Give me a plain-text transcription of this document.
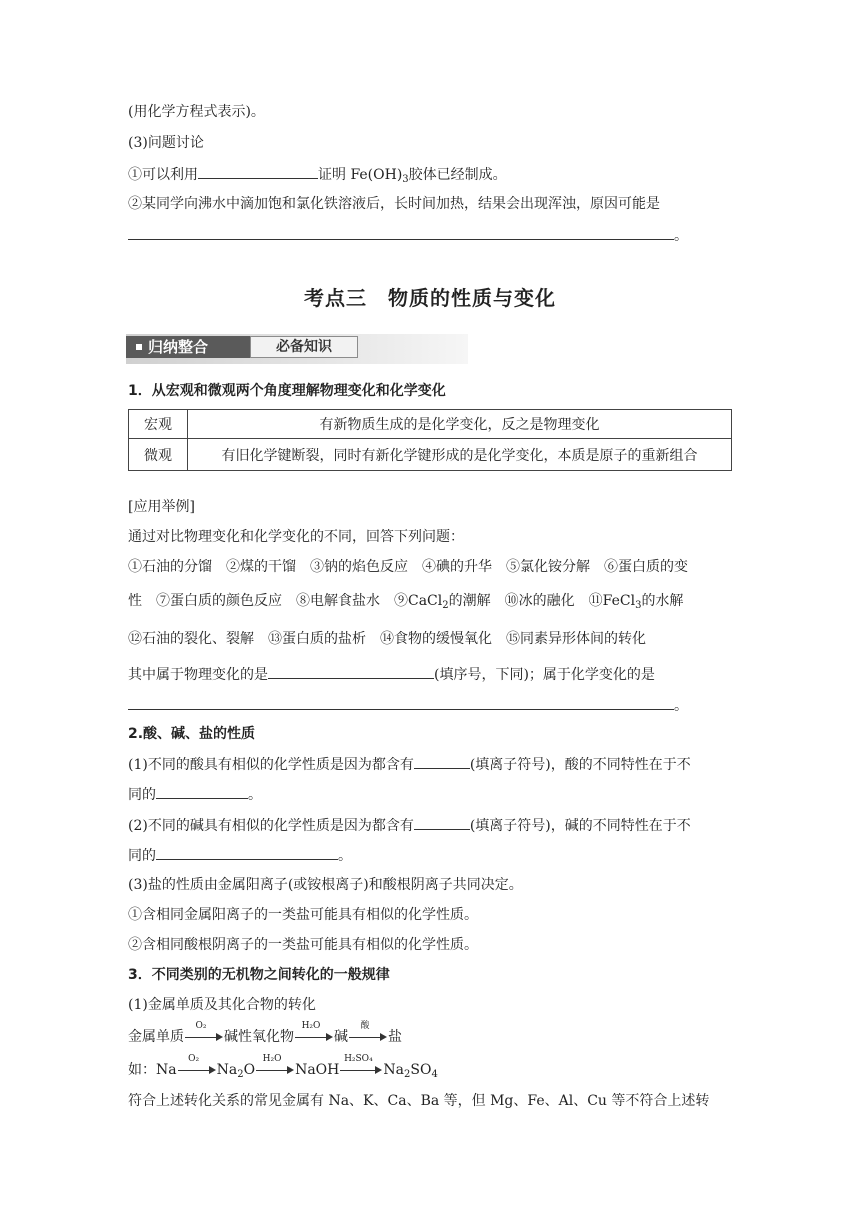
(用化学方程式表示)。
(3)问题讨论
①可以利用	证明 $Fe(OH)_3$胶体已经制成。
②某同学向沸水中滴加饱和氯化铁溶液后，长时间加热，结果会出现浑浊，原因可能是
。
考点三　物质的性质与变化
归纳整合	必备知识
1．从宏观和微观两个角度理解物理变化和化学变化
宏观	有新物质生成的是化学变化，反之是物理变化
微观	有旧化学键断裂，同时有新化学键形成的是化学变化，本质是原子的重新组合
[应用举例]
通过对比物理变化和化学变化的不同，回答下列问题：
①石油的分馏　②煤的干馏　③钠的焰色反应　④碘的升华　⑤氯化铵分解　⑥蛋白质的变
性　⑦蛋白质的颜色反应　⑧电解食盐水　⑨CaCl$_2$的潮解　⑩冰的融化　⑪FeCl$_3$的水解
⑫石油的裂化、裂解　⑬蛋白质的盐析　⑭食物的缓慢氧化　⑮同素异形体间的转化
其中属于物理变化的是	(填序号，下同)；属于化学变化的是
。
2.酸、碱、盐的性质
(1)不同的酸具有相似的化学性质是因为都含有	(填离子符号)，酸的不同特性在于不
同的	。
(2)不同的碱具有相似的化学性质是因为都含有	(填离子符号)，碱的不同特性在于不
同的	。
(3)盐的性质由金属阳离子(或铵根离子)和酸根阴离子共同决定。
①含相同金属阳离子的一类盐可能具有相似的化学性质。
②含相同酸根阴离子的一类盐可能具有相似的化学性质。
3．不同类别的无机物之间转化的一般规律
(1)金属单质及其化合物的转化
金属单质
O₂
碱性氧化物
H₂O
碱
酸
盐
如：Na
O₂
$Na_2O$
H₂O
NaOH
H₂SO₄
$Na_2SO_4$
符合上述转化关系的常见金属有 Na、K、Ca、Ba 等，但 Mg、Fe、Al、Cu 等不符合上述转
